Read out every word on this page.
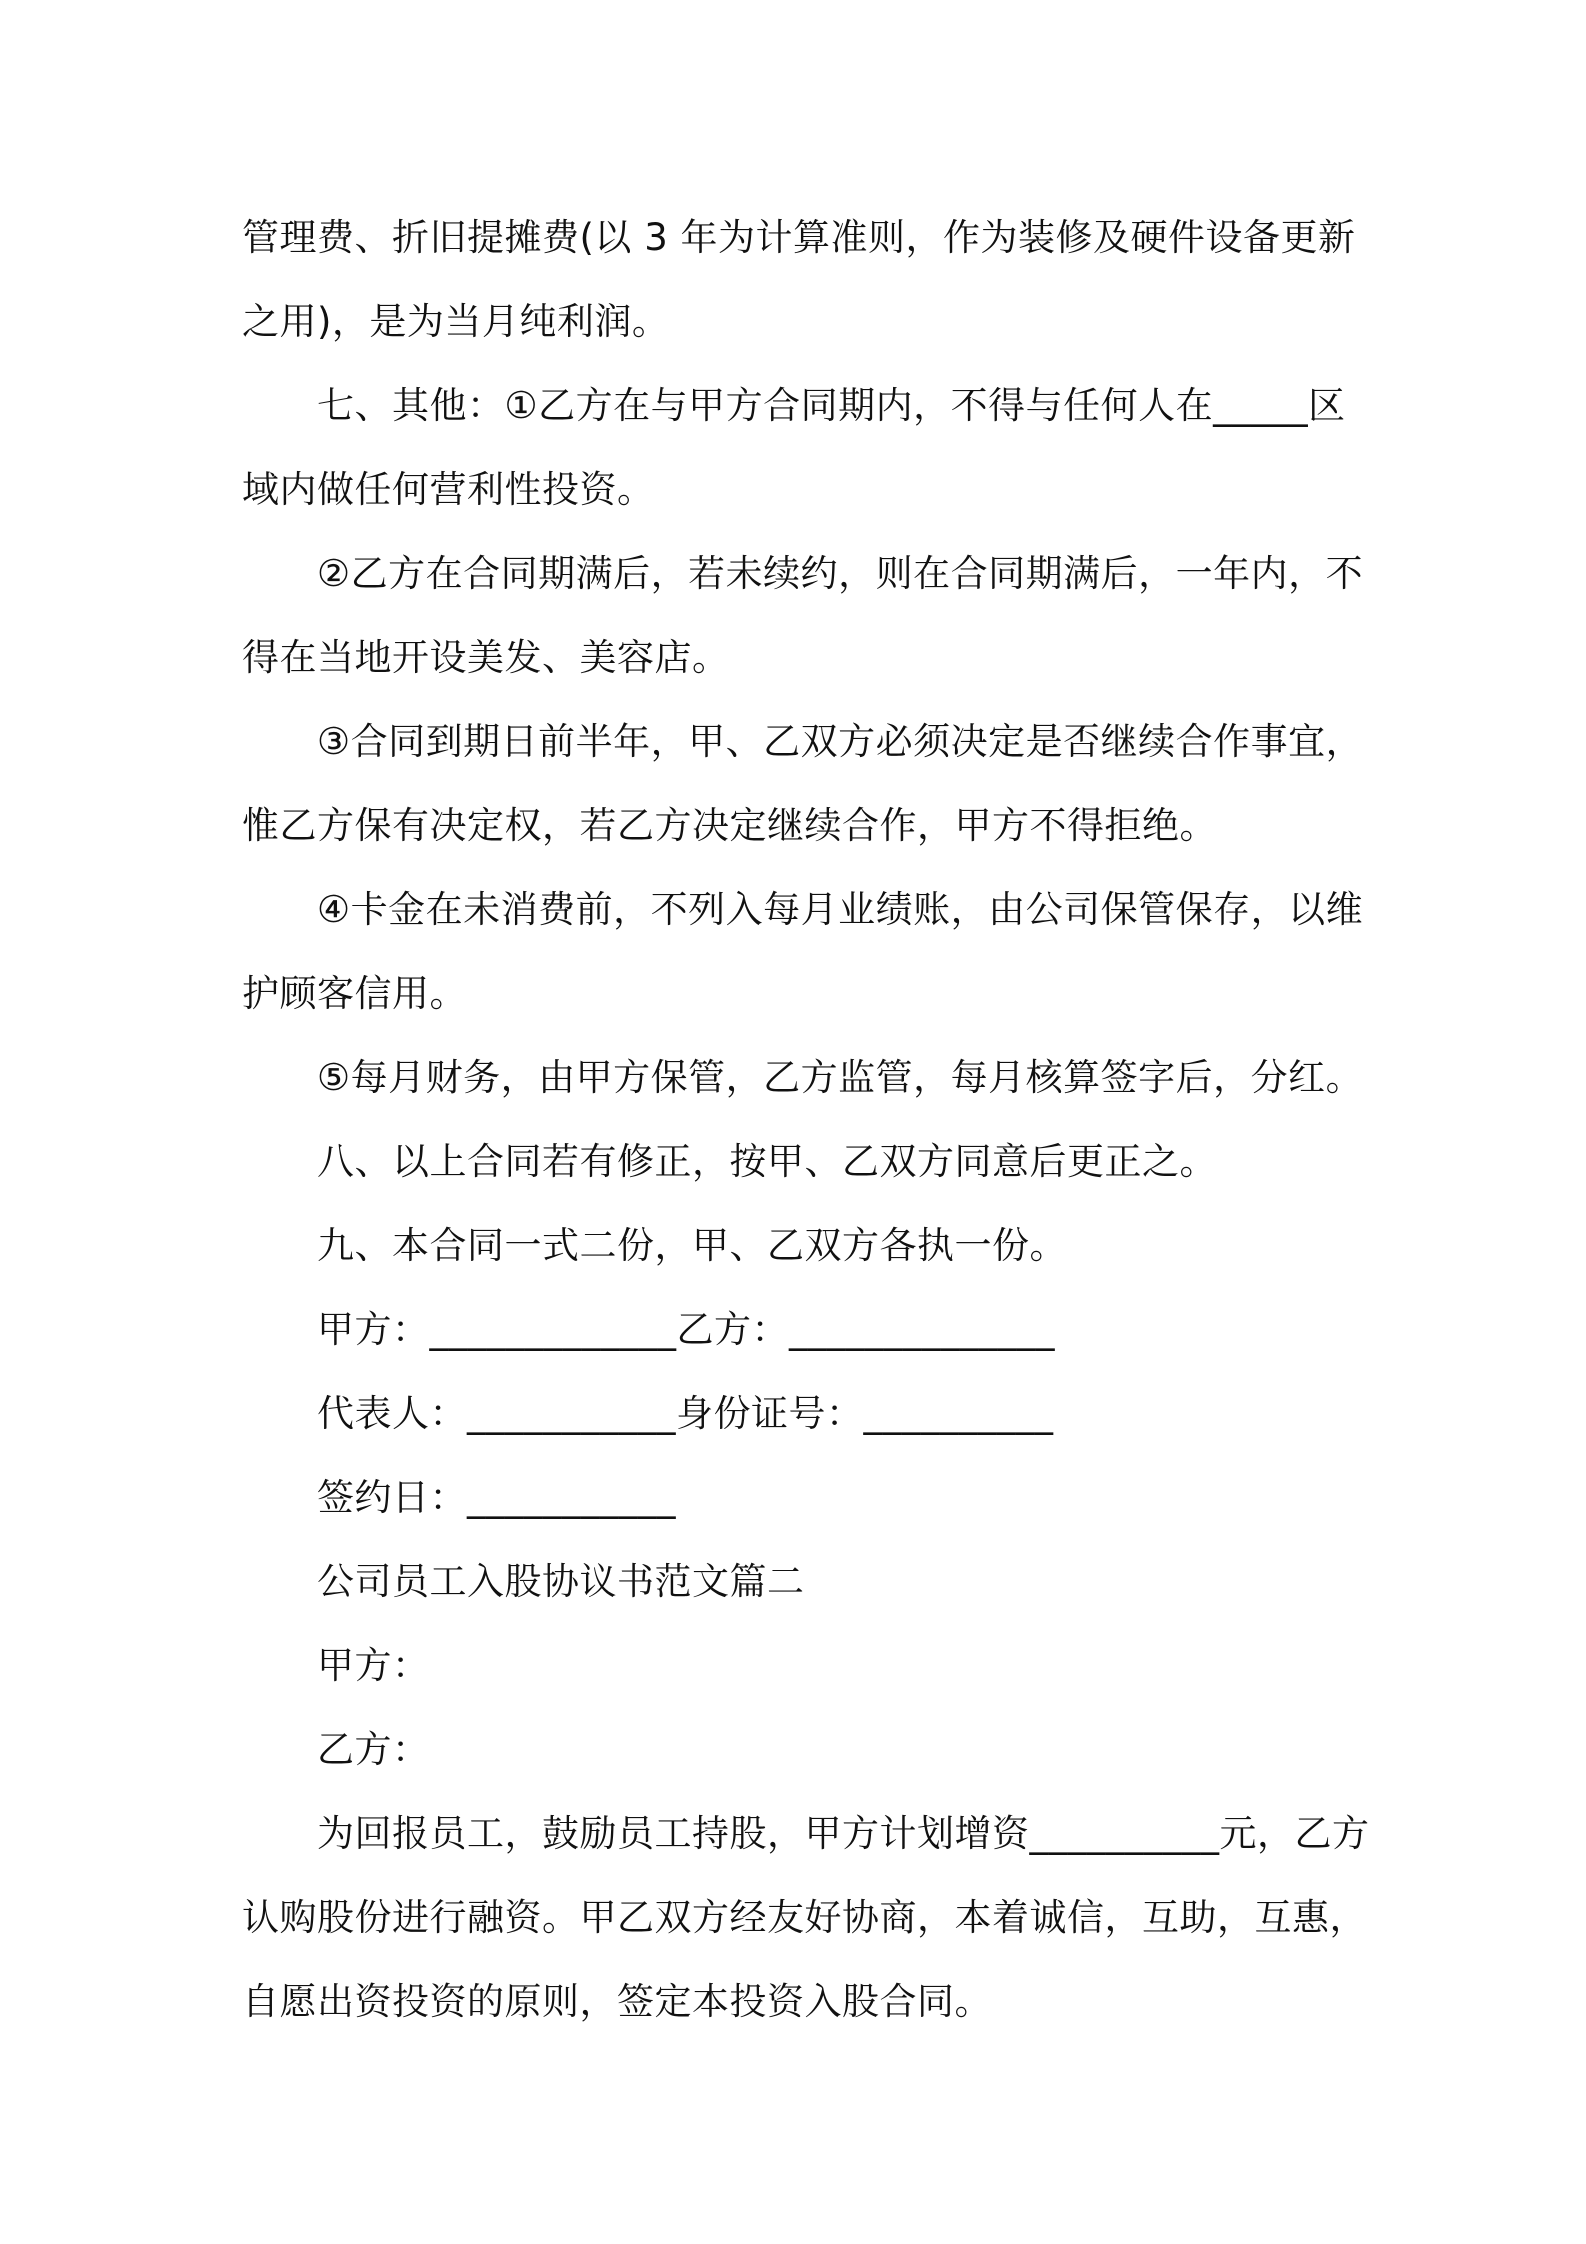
管理费、折旧提摊费(以 3 年为计算准则，作为装修及硬件设备更新
之用)，是为当月纯利润。

七、其他：①乙方在与甲方合同期内，不得与任何人在_____区
域内做任何营利性投资。

②乙方在合同期满后，若未续约，则在合同期满后，一年内，不
得在当地开设美发、美容店。

③合同到期日前半年，甲、乙双方必须决定是否继续合作事宜，
惟乙方保有决定权，若乙方决定继续合作，甲方不得拒绝。

④卡金在未消费前，不列入每月业绩账，由公司保管保存，以维
护顾客信用。

⑤每月财务，由甲方保管，乙方监管，每月核算签字后，分红。

八、以上合同若有修正，按甲、乙双方同意后更正之。

九、本合同一式二份，甲、乙双方各执一份。

甲方：_____________乙方：______________

代表人：___________身份证号：__________

签约日：___________

公司员工入股协议书范文篇二

甲方：

乙方：

为回报员工，鼓励员工持股，甲方计划增资__________元，乙方
认购股份进行融资。甲乙双方经友好协商，本着诚信，互助，互惠，
自愿出资投资的原则，签定本投资入股合同。
